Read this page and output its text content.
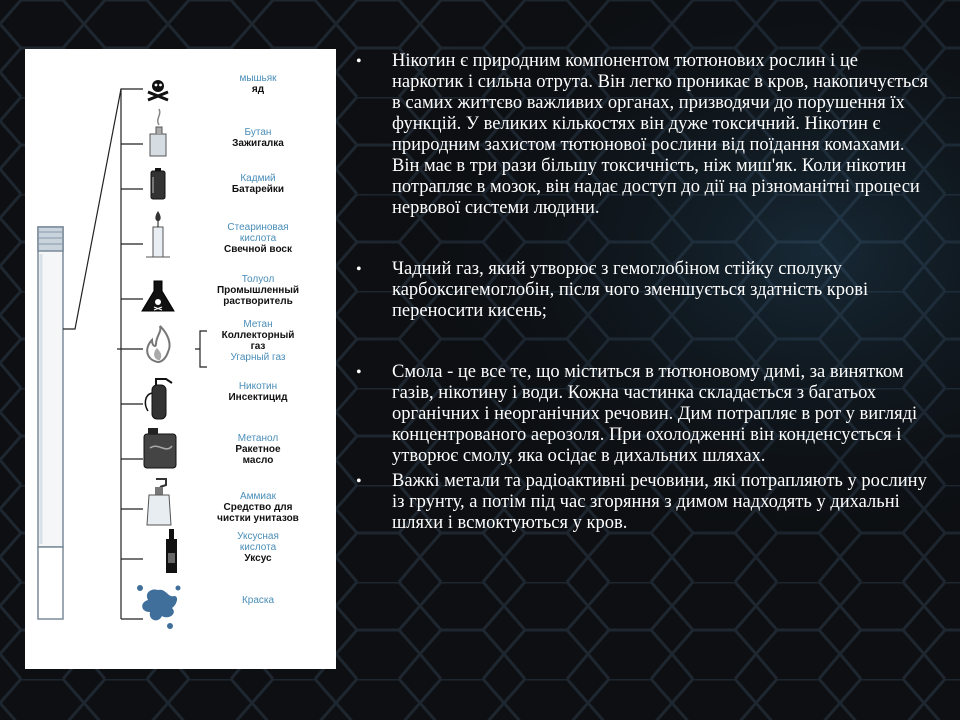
мышьяк
яд
Бутан
Зажигалка
Кадмий
Батарейки
Стеариновая
кислота
Свечной воск
Толуол
Промышленный
растворитель
Метан
Коллекторный
газ
Угарный газ
Никотин
Инсектицид
Метанол
Ракетное
масло
Аммиак
Средство для
чистки унитазов
Уксусная
кислота
Уксус
Краска
• Нікотин є природним компонентом тютюнових рослин і це наркотик і сильна отрута. Він легко проникає в кров, накопичується в самих життєво важливих органах, призводячи до порушення їх функцій. У великих кількостях він дуже токсичний. Нікотин є природним захистом тютюнової рослини від поїдання комахами. Він має в три рази більшу токсичність, ніж миш'як. Коли нікотин потрапляє в мозок, він надає доступ до дії на різноманітні процеси нервової системи людини.
• Чадний газ, який утворює з гемоглобіном стійку сполуку карбоксигемоглобін, після чого зменшується здатність крові переносити кисень;
• Смола - це все те, що міститься в тютюновому димі, за винятком газів, нікотину і води. Кожна частинка складається з багатьох органічних і неорганічних речовин. Дим потрапляє в рот у вигляді концентрованого аерозоля. При охолодженні він конденсується і утворює смолу, яка осідає в дихальних шляхах.
• Важкі метали та радіоактивні речовини, які потрапляють у рослину із грунту, а потім під час згоряння з димом надходять у дихальні шляхи і всмоктуються у кров.
